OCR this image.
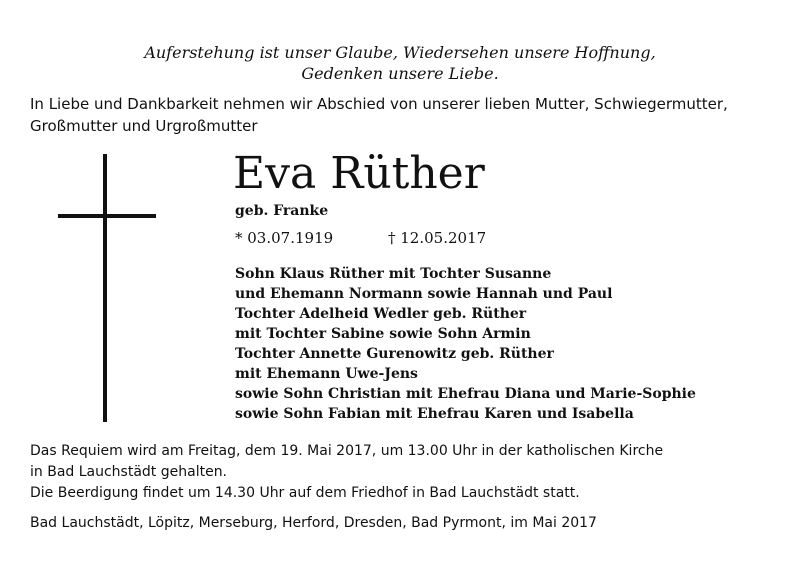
Auferstehung ist unser Glaube, Wiedersehen unsere Hoffnung,
Gedenken unsere Liebe.
In Liebe und Dankbarkeit nehmen wir Abschied von unserer lieben Mutter, Schwiegermutter, Großmutter und Urgroßmutter
Eva Rüther
geb. Franke
* 03.07.1919	† 12.05.2017
Sohn Klaus Rüther mit Tochter Susanne
und Ehemann Normann sowie Hannah und Paul
Tochter Adelheid Wedler geb. Rüther
mit Tochter Sabine sowie Sohn Armin
Tochter Annette Gurenowitz geb. Rüther
mit Ehemann Uwe-Jens
sowie Sohn Christian mit Ehefrau Diana und Marie-Sophie
sowie Sohn Fabian mit Ehefrau Karen und Isabella
Das Requiem wird am Freitag, dem 19. Mai 2017, um 13.00 Uhr in der katholischen Kirche
in Bad Lauchstädt gehalten.
Die Beerdigung findet um 14.30 Uhr auf dem Friedhof in Bad Lauchstädt statt.
Bad Lauchstädt, Löpitz, Merseburg, Herford, Dresden, Bad Pyrmont, im Mai 2017
